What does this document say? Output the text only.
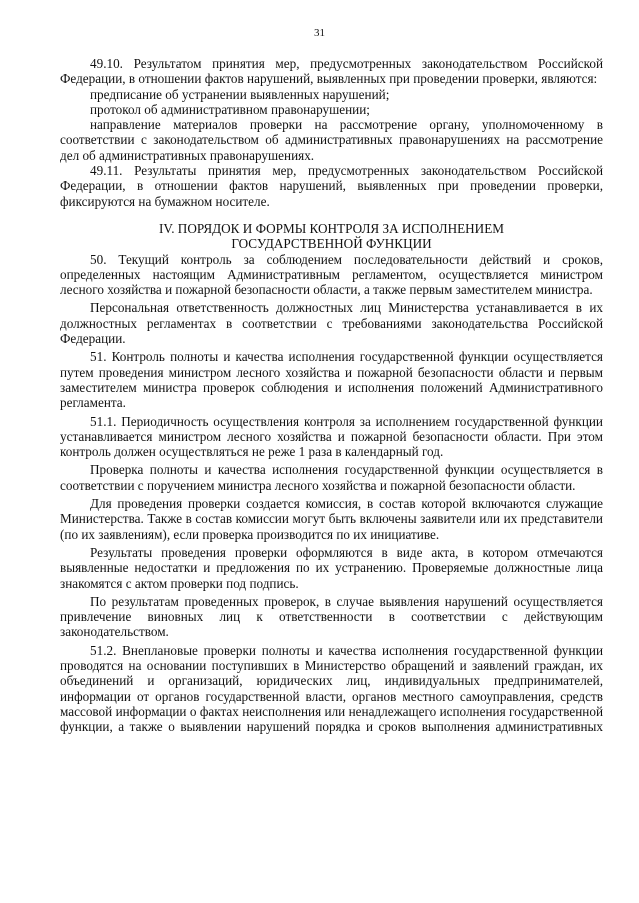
31

49.10. Результатом принятия мер, предусмотренных законодательством Российской Федерации, в отношении фактов нарушений, выявленных при проведении проверки, являются:

предписание об устранении выявленных нарушений;

протокол об административном правонарушении;

направление материалов проверки на рассмотрение органу, уполномоченному в соответствии с законодательством об административных правонарушениях на рассмотрение дел об административных правонарушениях.

49.11. Результаты принятия мер, предусмотренных законодательством Российской Федерации, в отношении фактов нарушений, выявленных при проведении проверки, фиксируются на бумажном носителе.

IV. ПОРЯДОК И ФОРМЫ КОНТРОЛЯ ЗА ИСПОЛНЕНИЕМ
ГОСУДАРСТВЕННОЙ ФУНКЦИИ

50. Текущий контроль за соблюдением последовательности действий и сроков, определенных настоящим Административным регламентом, осуществляется министром лесного хозяйства и пожарной безопасности области, а также первым заместителем министра.

Персональная ответственность должностных лиц Министерства устанавливается в их должностных регламентах в соответствии с требованиями законодательства Российской Федерации.

51. Контроль полноты и качества исполнения государственной функции осуществляется путем проведения министром лесного хозяйства и пожарной безопасности области и первым заместителем министра проверок соблюдения и исполнения положений Административного регламента.

51.1. Периодичность осуществления контроля за исполнением государственной функции устанавливается министром лесного хозяйства и пожарной безопасности области. При этом контроль должен осуществляться не реже 1 раза в календарный год.

Проверка полноты и качества исполнения государственной функции осуществляется в соответствии с поручением министра лесного хозяйства и пожарной безопасности области.

Для проведения проверки создается комиссия, в состав которой включаются служащие Министерства. Также в состав комиссии могут быть включены заявители или их представители (по их заявлениям), если проверка производится по их инициативе.

Результаты проведения проверки оформляются в виде акта, в котором отмечаются выявленные недостатки и предложения по их устранению. Проверяемые должностные лица знакомятся с актом проверки под подпись.

По результатам проведенных проверок, в случае выявления нарушений осуществляется привлечение виновных лиц к ответственности в соответствии с действующим законодательством.

51.2. Внеплановые проверки полноты и качества исполнения государственной функции проводятся на основании поступивших в Министерство обращений и заявлений граждан, их объединений и организаций, юридических лиц, индивидуальных предпринимателей, информации от органов государственной власти, органов местного самоуправления, средств массовой информации о фактах неисполнения или ненадлежащего исполнения государственной функции, а также о выявлении нарушений порядка и сроков выполнения административных
